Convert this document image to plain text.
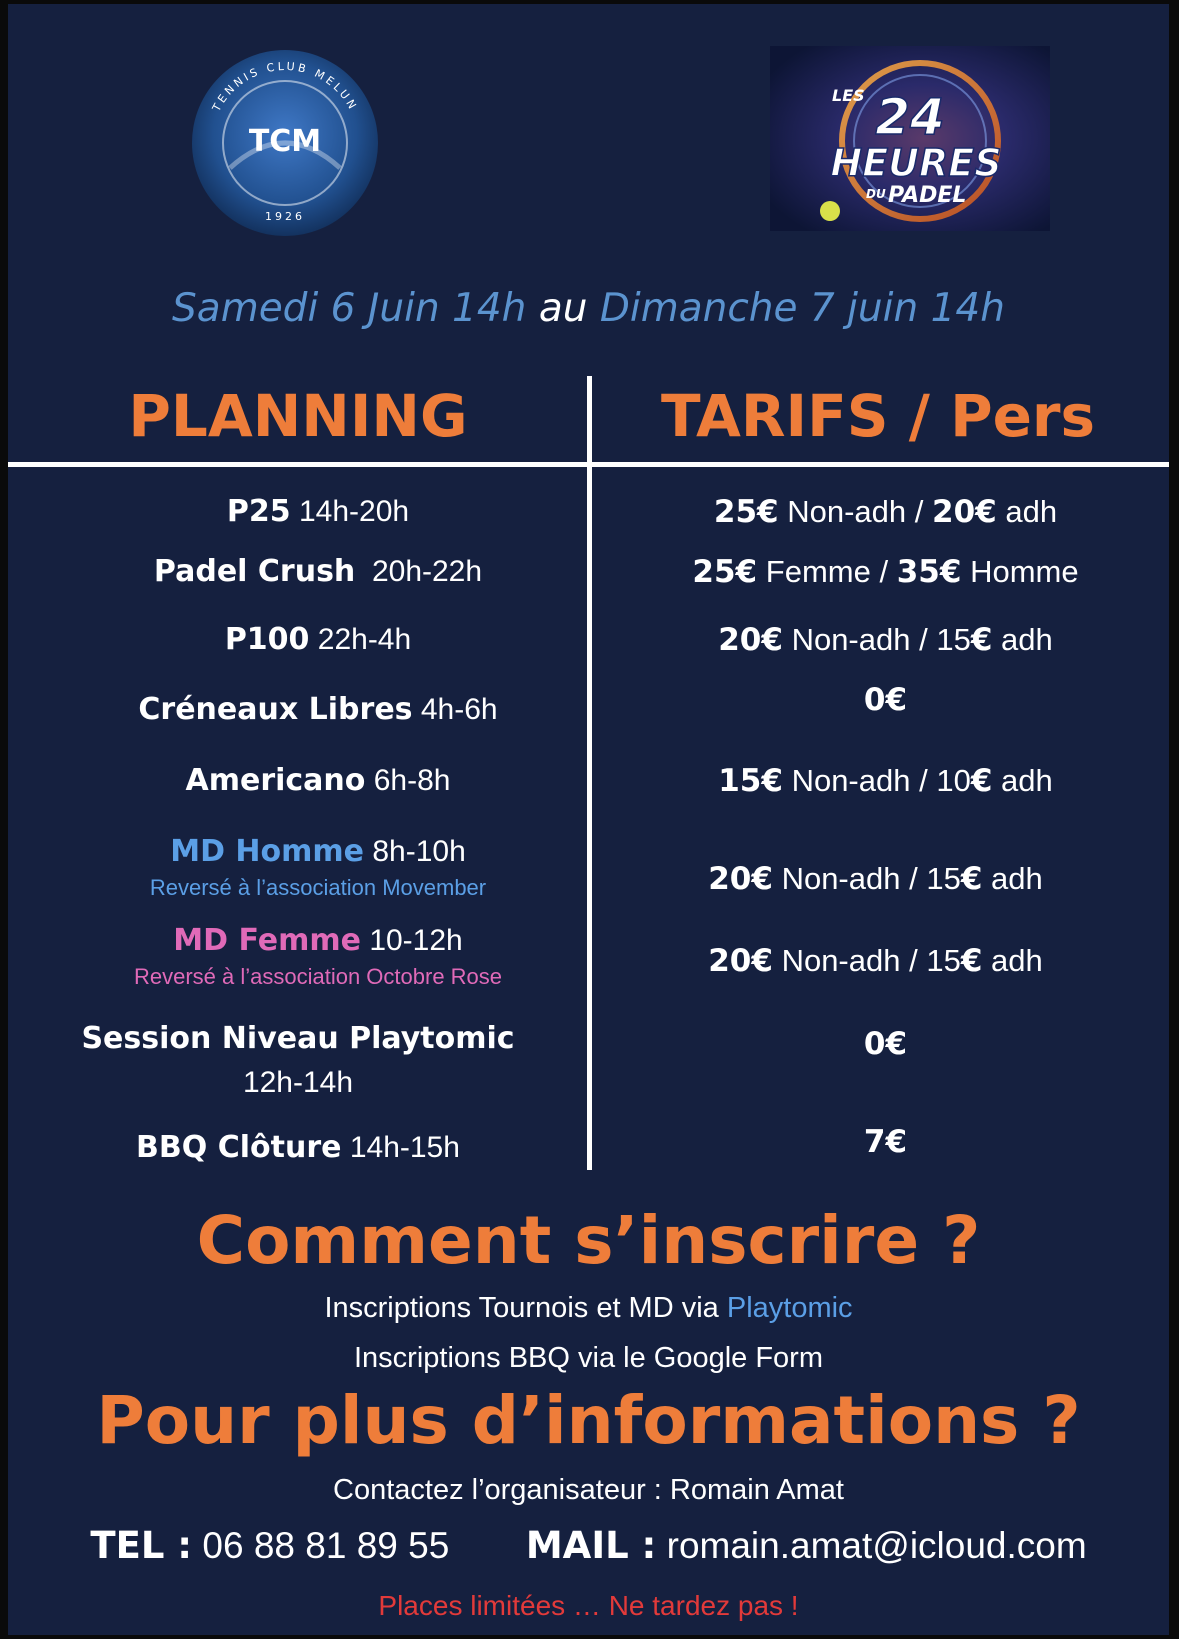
TENNIS CLUB MELUN
TCM
1926
LES 24
HEURES
DU PADEL
Samedi 6 Juin 14h au Dimanche 7 juin 14h
PLANNING	TARIFS / Pers
P25 14h-20h
Padel Crush 20h-22h
P100 22h-4h
Créneaux Libres 4h-6h
Americano 6h-8h
MD Homme 8h-10h
Reversé à l’association Movember
MD Femme 10-12h
Reversé à l’association Octobre Rose
Session Niveau Playtomic
12h-14h
BBQ Clôture 14h-15h
25€ Non-adh / 20€ adh
25€ Femme / 35€ Homme
20€ Non-adh / 15€ adh
0€
15€ Non-adh / 10€ adh
20€ Non-adh / 15€ adh
20€ Non-adh / 15€ adh
0€
7€
Comment s’inscrire ?
Inscriptions Tournois et MD via Playtomic
Inscriptions BBQ via le Google Form
Pour plus d’informations ?
Contactez l’organisateur : Romain Amat
TEL : 06 88 81 89 55 MAIL : romain.amat@icloud.com
Places limitées … Ne tardez pas !
